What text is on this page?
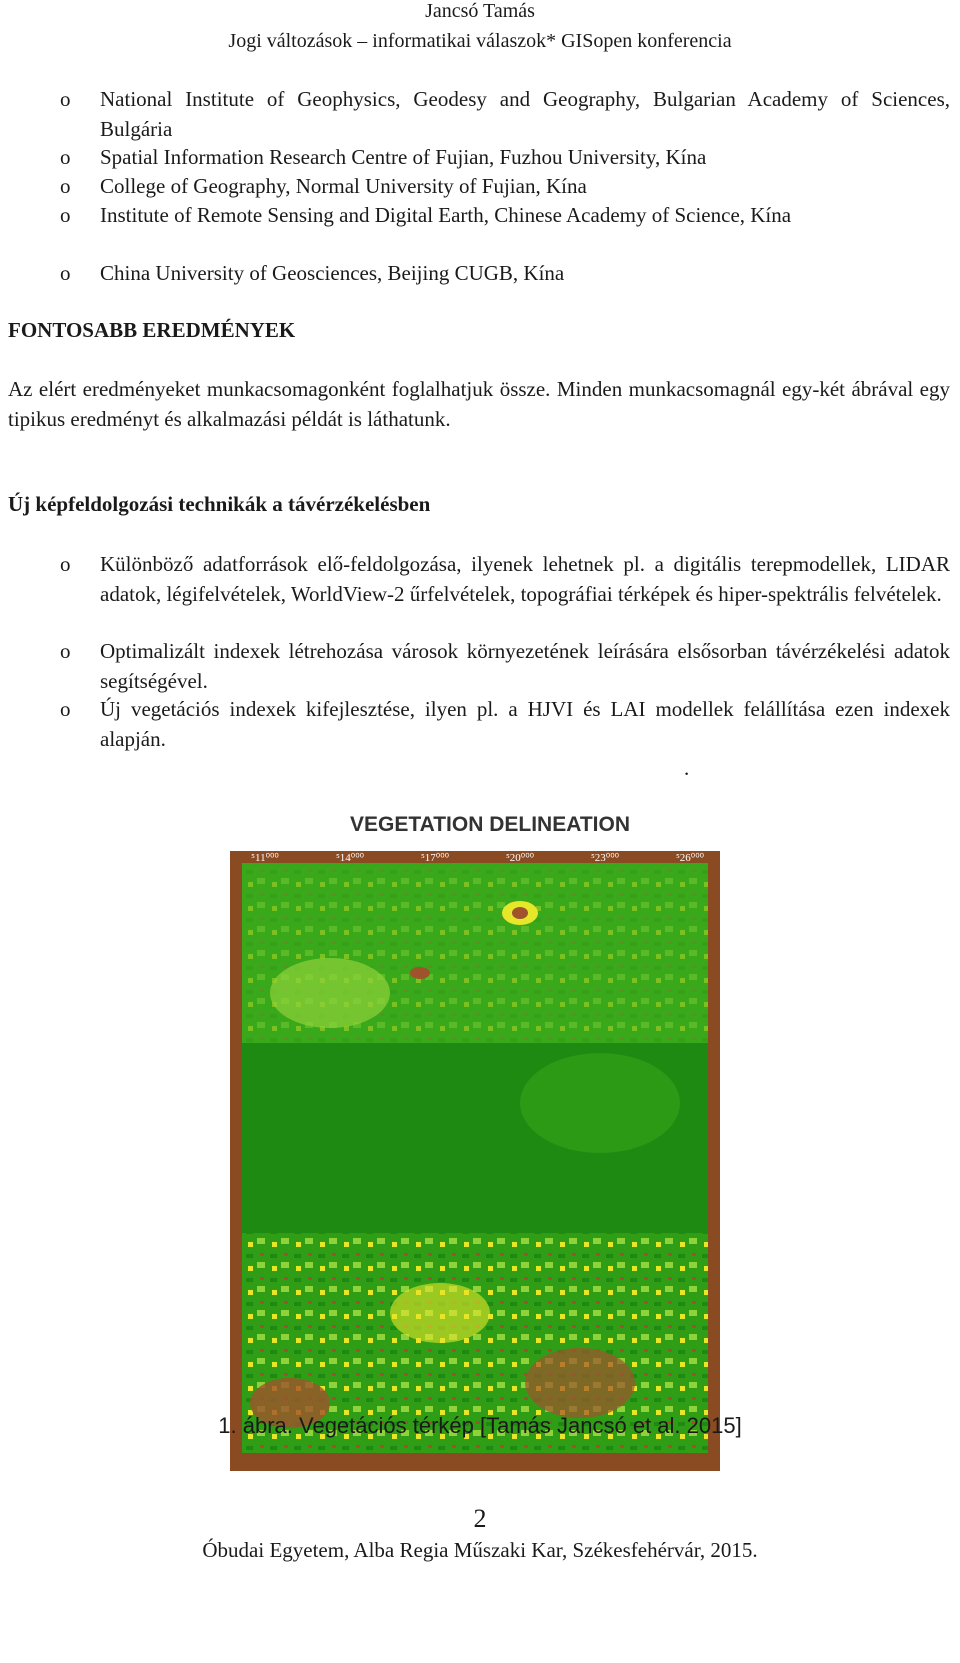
Jancsó Tamás
Jogi változások – informatikai válaszok* GISopen konferencia
o National Institute of Geophysics, Geodesy and Geography, Bulgarian Academy of Sciences, Bulgária
o Spatial Information Research Centre of Fujian, Fuzhou University, Kína
o College of Geography, Normal University of Fujian, Kína
o Institute of Remote Sensing and Digital Earth, Chinese Academy of Science, Kína
o China University of Geosciences, Beijing CUGB, Kína
FONTOSABB EREDMÉNYEK
Az elért eredményeket munkacsomagonként foglalhatjuk össze. Minden munkacsomagnál egy-két ábrával egy tipikus eredményt és alkalmazási példát is láthatunk.
Új képfeldolgozási technikák a távérzékelésben
o Különböző adatforrások elő-feldolgozása, ilyenek lehetnek pl. a digitális terepmodellek, LIDAR adatok, légifelvételek, WorldView-2 űrfelvételek, topográfiai térképek és hiper-spektrális felvételek.
o Optimalizált indexek létrehozása városok környezetének leírására elsősorban távérzékelési adatok segítségével.
o Új vegetációs indexek kifejlesztése, ilyen pl. a HJVI és LAI modellek felállítása ezen indexek alapján.
.
VEGETATION DELINEATION
⁵11⁰⁰⁰	⁵14⁰⁰⁰	⁵17⁰⁰⁰	⁵20⁰⁰⁰	⁵23⁰⁰⁰	⁵26⁰⁰⁰
1. ábra. Vegetációs térkép [Tamás Jancsó et al. 2015]
2
Óbudai Egyetem, Alba Regia Műszaki Kar, Székesfehérvár, 2015.
